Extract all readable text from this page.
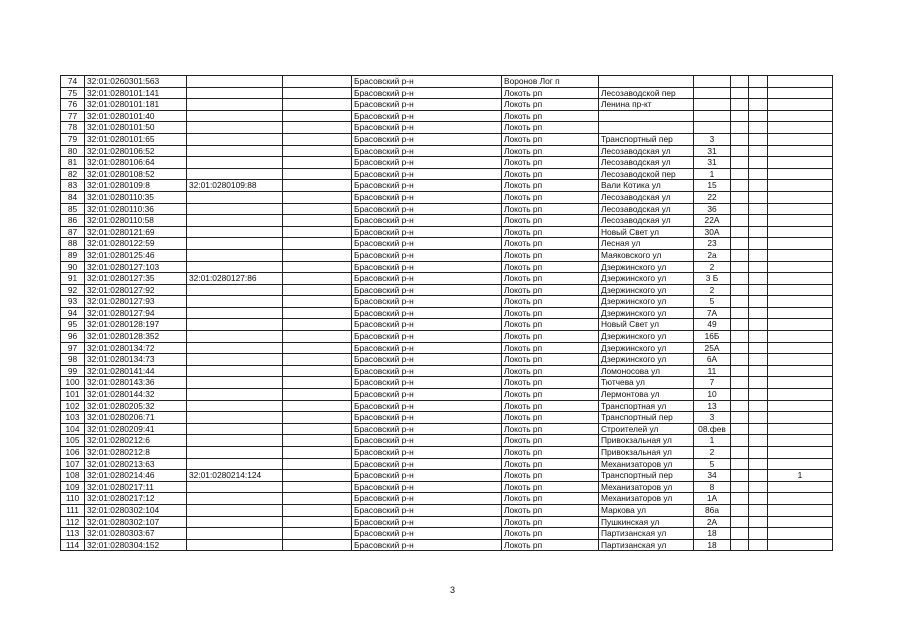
74	32:01:0260301:563			Брасовский р-н	Воронов Лог п					
75	32:01:0280101:141			Брасовский р-н	Локоть рп	Лесозаводской пер				
76	32:01:0280101:181			Брасовский р-н	Локоть рп	Ленина пр-кт				
77	32:01:0280101:40			Брасовский р-н	Локоть рп					
78	32:01:0280101:50			Брасовский р-н	Локоть рп					
79	32:01:0280101:65			Брасовский р-н	Локоть рп	Транспортный пер	3			
80	32:01:0280106:52			Брасовский р-н	Локоть рп	Лесозаводская ул	31			
81	32:01:0280106:64			Брасовский р-н	Локоть рп	Лесозаводская ул	31			
82	32:01:0280108:52			Брасовский р-н	Локоть рп	Лесозаводской пер	1			
83	32:01:0280109:8	32:01:0280109:88		Брасовский р-н	Локоть рп	Вали Котика ул	15			
84	32:01:0280110:35			Брасовский р-н	Локоть рп	Лесозаводская ул	22			
85	32:01:0280110:36			Брасовский р-н	Локоть рп	Лесозаводская ул	36			
86	32:01:0280110:58			Брасовский р-н	Локоть рп	Лесозаводская ул	22А			
87	32:01:0280121:69			Брасовский р-н	Локоть рп	Новый Свет ул	30А			
88	32:01:0280122:59			Брасовский р-н	Локоть рп	Лесная ул	23			
89	32:01:0280125:46			Брасовский р-н	Локоть рп	Маяковского ул	2а			
90	32:01:0280127:103			Брасовский р-н	Локоть рп	Дзержинского ул	2			
91	32:01:0280127:35	32:01:0280127:86		Брасовский р-н	Локоть рп	Дзержинского ул	3 Б			
92	32:01:0280127:92			Брасовский р-н	Локоть рп	Дзержинского ул	2			
93	32:01:0280127:93			Брасовский р-н	Локоть рп	Дзержинского ул	5			
94	32:01:0280127:94			Брасовский р-н	Локоть рп	Дзержинского ул	7А			
95	32:01:0280128:197			Брасовский р-н	Локоть рп	Новый Свет ул	49			
96	32:01:0280128:352			Брасовский р-н	Локоть рп	Дзержинского ул	16Б			
97	32:01:0280134:72			Брасовский р-н	Локоть рп	Дзержинского ул	25А			
98	32:01:0280134:73			Брасовский р-н	Локоть рп	Дзержинского ул	6А			
99	32:01:0280141:44			Брасовский р-н	Локоть рп	Ломоносова ул	11			
100	32:01:0280143:36			Брасовский р-н	Локоть рп	Тютчева ул	7			
101	32:01:0280144:32			Брасовский р-н	Локоть рп	Лермонтова ул	10			
102	32:01:0280205:32			Брасовский р-н	Локоть рп	Транспортная ул	13			
103	32:01:0280206:71			Брасовский р-н	Локоть рп	Транспортный пер	3			
104	32:01:0280209:41			Брасовский р-н	Локоть рп	Строителей ул	08.фев			
105	32:01:0280212:6			Брасовский р-н	Локоть рп	Привокзальная ул	1			
106	32:01:0280212:8			Брасовский р-н	Локоть рп	Привокзальная ул	2			
107	32:01:0280213:63			Брасовский р-н	Локоть рп	Механизаторов ул	5			
108	32:01:0280214:46	32:01:0280214:124		Брасовский р-н	Локоть рп	Транспортный пер	34			1
109	32:01:0280217:11			Брасовский р-н	Локоть рп	Механизаторов ул	8			
110	32:01:0280217:12			Брасовский р-н	Локоть рп	Механизаторов ул	1А			
111	32:01:0280302:104			Брасовский р-н	Локоть рп	Маркова ул	86а			
112	32:01:0280302:107			Брасовский р-н	Локоть рп	Пушкинская ул	2А			
113	32:01:0280303:67			Брасовский р-н	Локоть рп	Партизанская ул	18			
114	32:01:0280304:152			Брасовский р-н	Локоть рп	Партизанская ул	18			
3
